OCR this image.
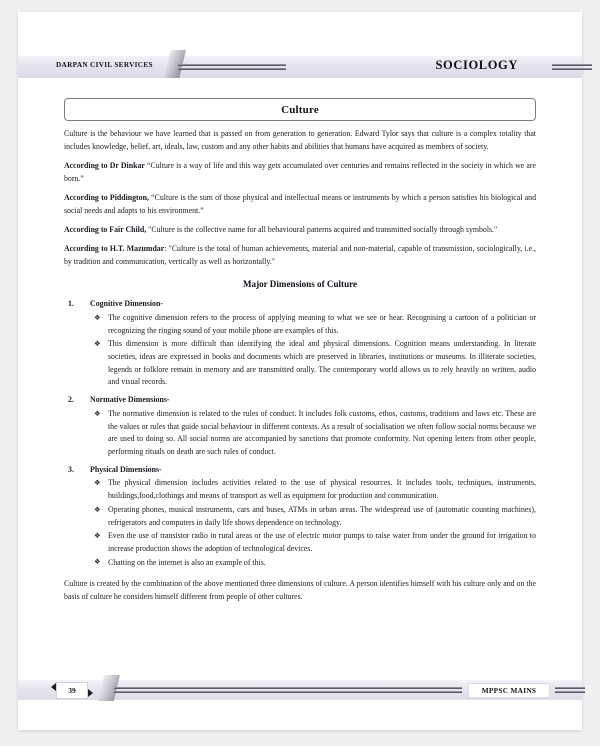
DARPAN CIVIL SERVICES	SOCIOLOGY
Culture

Culture is the behaviour we have learned that is passed on from generation to generation. Edward Tylor says that culture is a complex totality that includes knowledge, belief, art, ideals, law, custom and any other habits and abilities that humans have acquired as members of society.

According to Dr Dinkar “Culture is a way of life and this way gets accumulated over centuries and remains reflected in the society in which we are born.”

According to Piddington, “Culture is the sum of those physical and intellectual means or instruments by which a person satisfies his biological and social needs and adapts to his environment.”

According to Fair Child, "Culture is the collective name for all behavioural patterns acquired and transmitted socially through symbols."

According to H.T. Mazumdar: "Culture is the total of human achievements, material and non-material, capable of transmission, sociologically, i.e., by tradition and communication, vertically as well as horizontally."

Major Dimensions of Culture
1. Cognitive Dimension-
❖ The cognitive dimension refers to the process of applying meaning to what we see or hear. Recognising a cartoon of a politician or recognizing the ringing sound of your mobile phone are examples of this.
❖ This dimension is more difficult than identifying the ideal and physical dimensions. Cognition means understanding. In literate societies, ideas are expressed in books and documents which are preserved in libraries, institutions or museums. In illiterate societies, legends or folklore remain in memory and are transmitted orally. The contemporary world allows us to rely heavily on written, audio and visual records.
2. Normative Dimensions-
❖ The normative dimension is related to the rules of conduct. It includes folk customs, ethos, customs, traditions and laws etc. These are the values or rules that guide social behaviour in different contexts. As a result of socialisation we often follow social norms because we are used to doing so. All social norms are accompanied by sanctions that promote conformity. Not opening letters from other people, performing rituals on death are such rules of conduct.
3. Physical Dimensions-
❖ The physical dimension includes activities related to the use of physical resources. It includes tools, techniques, instruments, buildings,food,clothings and means of transport as well as equipment for production and communication.
❖ Operating phones, musical instruments, cars and buses, ATMs in urban areas. The widespread use of (automatic counting machines), refrigerators and computers in daily life shows dependence on technology.
❖ Even the use of transistor radio in rural areas or the use of electric motor pumps to raise water from under the ground for irrigation to increase production shows the adoption of technological devices.
❖ Chatting on the internet is also an example of this.

Culture is created by the combination of the above mentioned three dimensions of culture. A person identifies himself with his culture only and on the basis of culture he considers himself different from people of other cultures.

39	MPPSC MAINS
